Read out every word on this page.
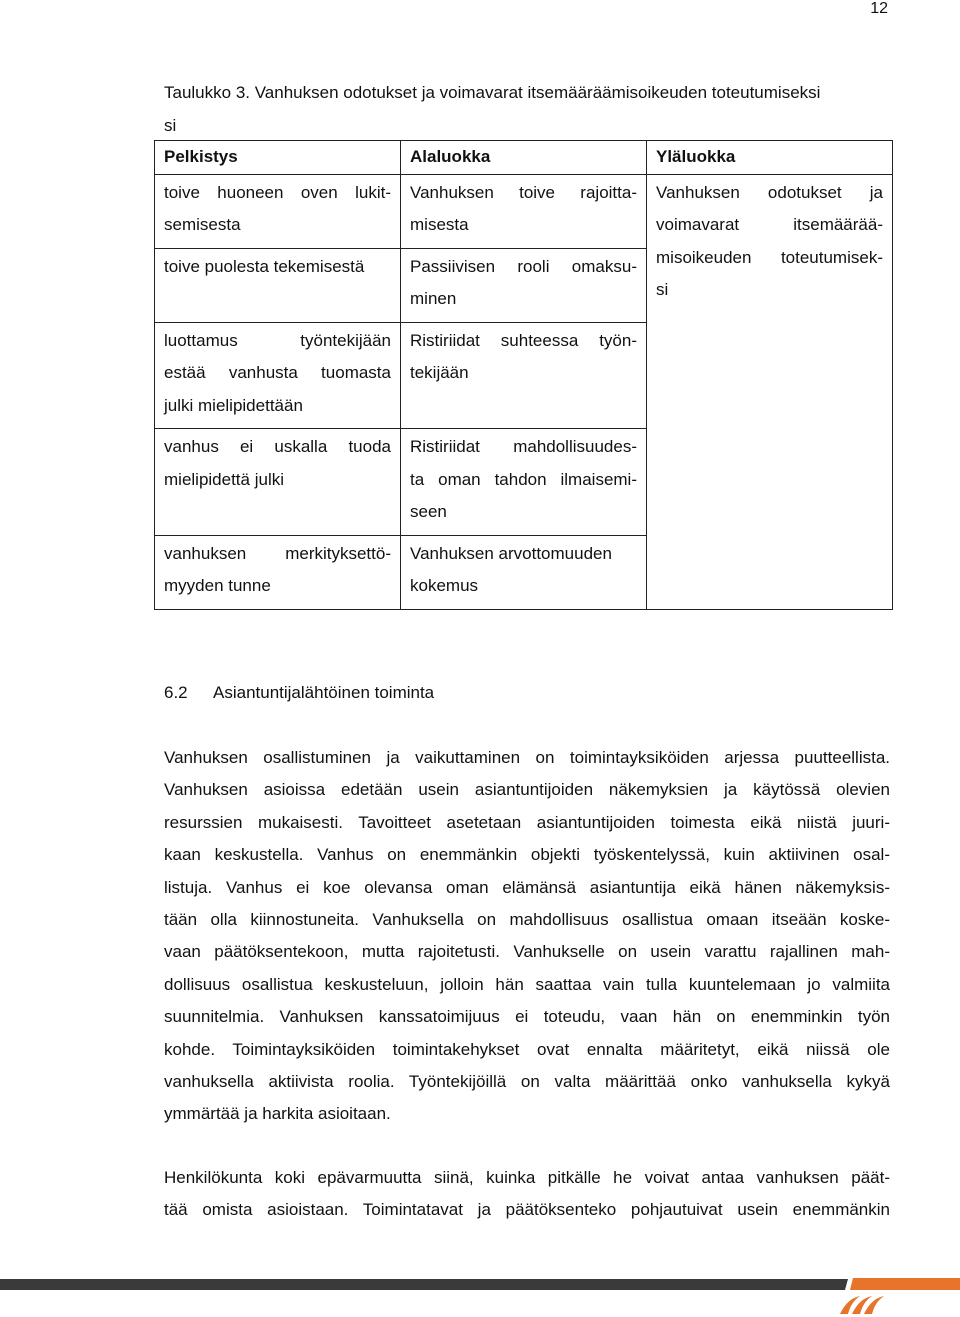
12
Taulukko 3. Vanhuksen odotukset ja voimavarat itsemääräämisoikeuden toteutumiseksi
si
Pelkistys	Alaluokka	Yläluokka

toive huoneen oven lukit-
semisesta	Vanhuksen toive rajoitta-
misesta	Vanhuksen odotukset ja
voimavarat itsemäärää-
misoikeuden toteutumisek-
si

toive puolesta tekemisestä	Passiivisen rooli omaksu-
minen	

luottamus työntekijään
estää vanhusta tuomasta
julki mielipidettään	Ristiriidat suhteessa työn-
tekijään	

vanhus ei uskalla tuoda
mielipidettä julki	Ristiriidat mahdollisuudes-
ta oman tahdon ilmaisemi-
seen	

vanhuksen merkityksettö-
myyden tunne	Vanhuksen arvottomuuden
kokemus	
6.2 Asiantuntijalähtöinen toiminta
Vanhuksen osallistuminen ja vaikuttaminen on toimintayksiköiden arjessa puutteellista.
Vanhuksen asioissa edetään usein asiantuntijoiden näkemyksien ja käytössä olevien
resurssien mukaisesti. Tavoitteet asetetaan asiantuntijoiden toimesta eikä niistä juuri-
kaan keskustella. Vanhus on enemmänkin objekti työskentelyssä, kuin aktiivinen osal-
listuja. Vanhus ei koe olevansa oman elämänsä asiantuntija eikä hänen näkemyksis-
tään olla kiinnostuneita. Vanhuksella on mahdollisuus osallistua omaan itseään koske-
vaan päätöksentekoon, mutta rajoitetusti. Vanhukselle on usein varattu rajallinen mah-
dollisuus osallistua keskusteluun, jolloin hän saattaa vain tulla kuuntelemaan jo valmiita
suunnitelmia. Vanhuksen kanssatoimijuus ei toteudu, vaan hän on enemminkin työn
kohde. Toimintayksiköiden toimintakehykset ovat ennalta määritetyt, eikä niissä ole
vanhuksella aktiivista roolia. Työntekijöillä on valta määrittää onko vanhuksella kykyä
ymmärtää ja harkita asioitaan.
Henkilökunta koki epävarmuutta siinä, kuinka pitkälle he voivat antaa vanhuksen päät-
tää omista asioistaan. Toimintatavat ja päätöksenteko pohjautuivat usein enemmänkin
